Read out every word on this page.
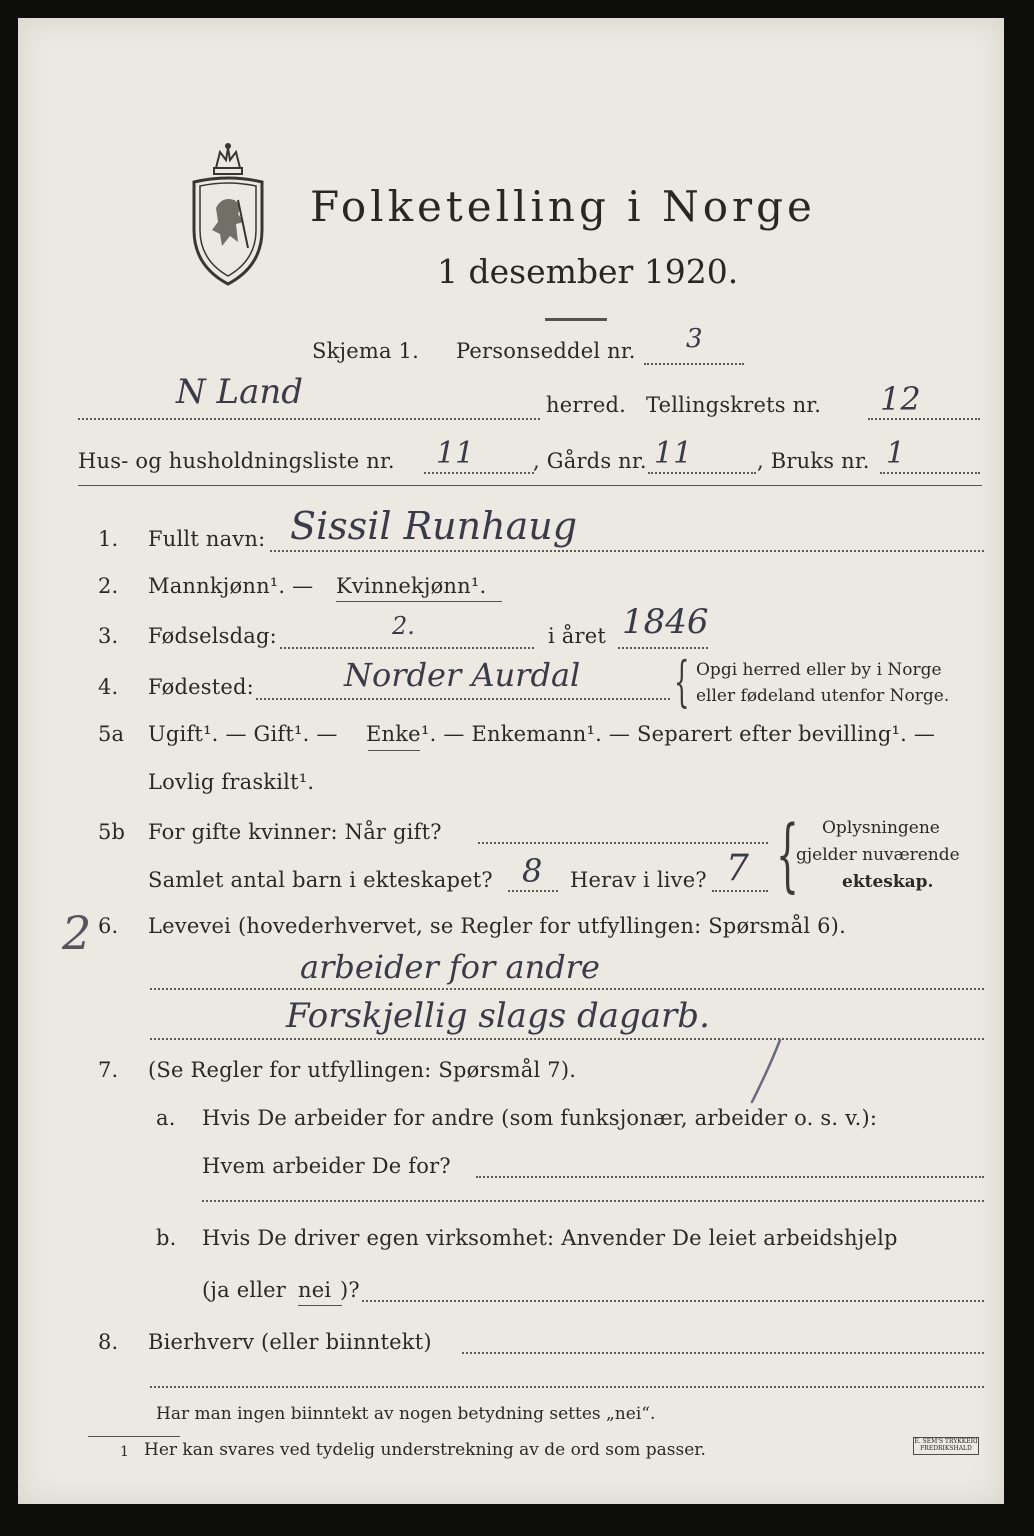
Folketelling i Norge
1 desember 1920.
Skjema 1. Personseddel nr. 3
N Land	herred. Tellingskrets nr. 12
Hus- og husholdningsliste nr. 11	, Gårds nr. 11	, Bruks nr. 1
1. Fullt navn: Sissil Runhaug
2. Mannkjønn¹. — Kvinnekjønn¹.
3. Fødselsdag:	2.	i året 1846
4. Fødested:	Norder Aurdal { Opgi herred eller by i Norge
eller fødeland utenfor Norge.
5a Ugift¹. — Gift¹. — Enke ¹. — Enkemann¹. — Separert efter bevilling¹. —
Lovlig fraskilt¹.
5b For gifte kvinner: Når gift?
Samlet antal barn i ekteskapet? 8 Herav i live? 7 { Oplysningene
gjelder nuværende
ekteskap.
2 6. Levevei (hovederhvervet, se Regler for utfyllingen: Spørsmål 6).
arbeider for andre
Forskjellig slags dagarb.
7. (Se Regler for utfyllingen: Spørsmål 7).
a. Hvis De arbeider for andre (som funksjonær, arbeider o. s. v.):
Hvem arbeider De for?
b. Hvis De driver egen virksomhet: Anvender De leiet arbeidshjelp
(ja eller nei )?
8. Bierhverv (eller biinntekt)
Har man ingen biinntekt av nogen betydning settes „nei“.
1 Her kan svares ved tydelig understrekning av de ord som passer.	E. SEM'S TRYKKERI FREDRIKSHALD
